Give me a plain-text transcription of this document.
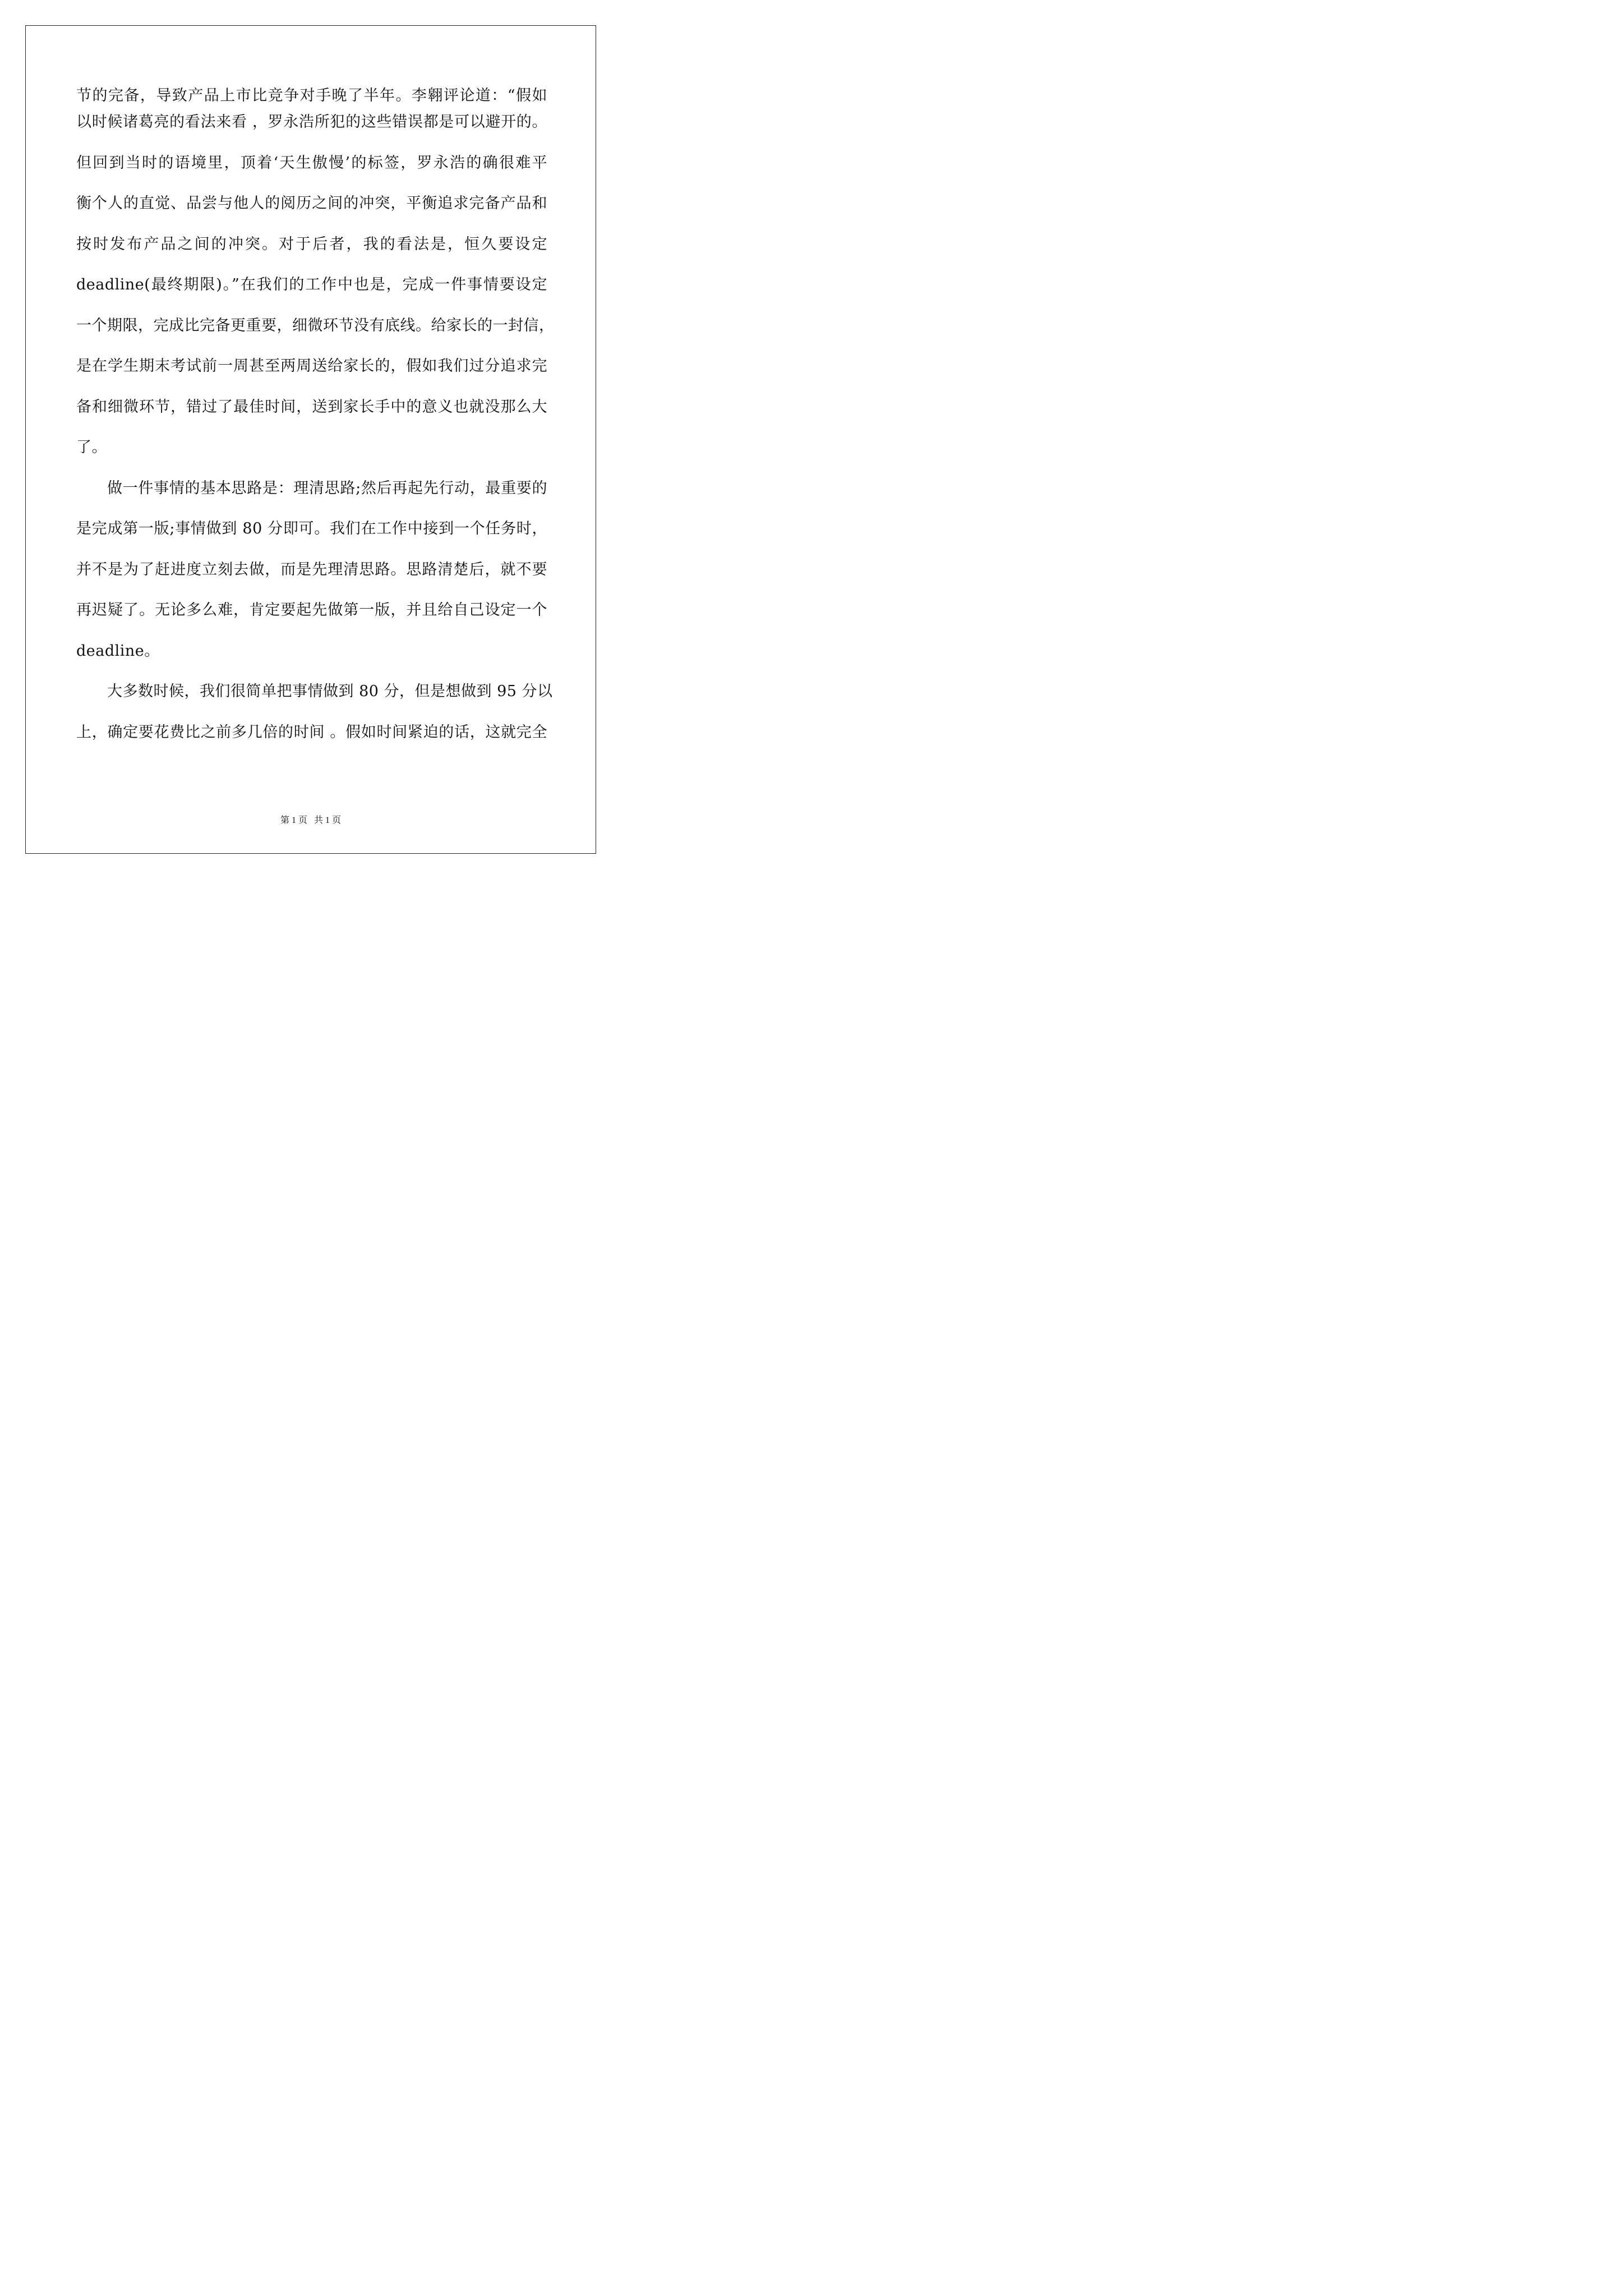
节的完备，导致产品上市比竞争对手晚了半年。李翱评论道：“假如
以时候诸葛亮的看法来看 ，罗永浩所犯的这些错误都是可以避开的。
但回到当时的语境里，顶着‘天生傲慢’的标签，罗永浩的确很难平
衡个人的直觉、品尝与他人的阅历之间的冲突，平衡追求完备产品和
按时发布产品之间的冲突。对于后者，我的看法是，恒久要设定
deadline(最终期限)。”在我们的工作中也是，完成一件事情要设定
一个期限，完成比完备更重要，细微环节没有底线。给家长的一封信，
是在学生期末考试前一周甚至两周送给家长的，假如我们过分追求完
备和细微环节，错过了最佳时间，送到家长手中的意义也就没那么大
了。
做一件事情的基本思路是：理清思路;然后再起先行动，最重要的
是完成第一版;事情做到 80 分即可。我们在工作中接到一个任务时，
并不是为了赶进度立刻去做，而是先理清思路。思路清楚后，就不要
再迟疑了。无论多么难，肯定要起先做第一版，并且给自己设定一个
deadline。
大多数时候，我们很简单把事情做到 80 分，但是想做到 95 分以
上，确定要花费比之前多几倍的时间 。假如时间紧迫的话，这就完全
第 1 页   共 1 页
